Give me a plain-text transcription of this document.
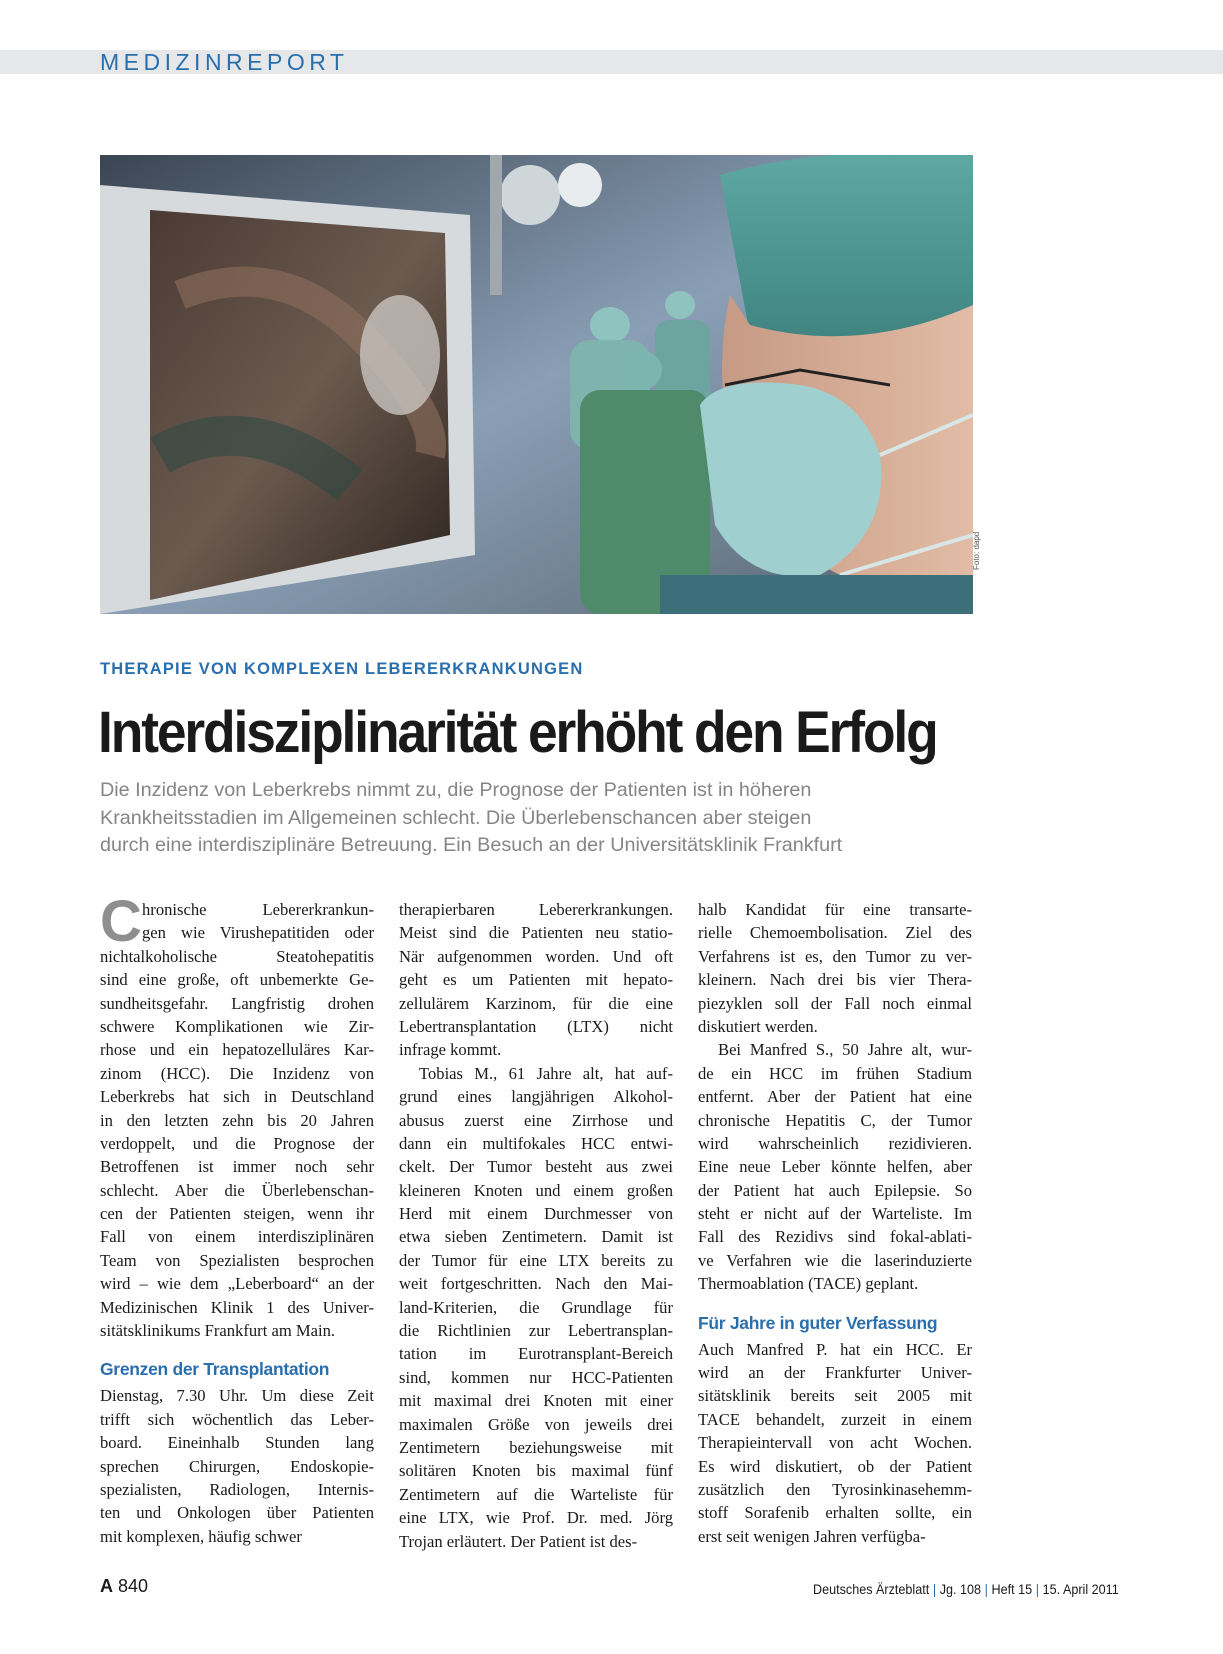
MEDIZINREPORT
Foto: dapd
THERAPIE VON KOMPLEXEN LEBERERKRANKUNGEN
Interdisziplinarität erhöht den Erfolg
Die Inzidenz von Leberkrebs nimmt zu, die Prognose der Patienten ist in höheren
Krankheitsstadien im Allgemeinen schlecht. Die Überlebenschancen aber steigen
durch eine interdisziplinäre Betreuung. Ein Besuch an der Universitätsklinik Frankfurt
C hronische Lebererkrankun-
gen wie Virushepatitiden oder
nichtalkoholische Steatohepatitis
sind eine große, oft unbemerkte Ge-
sundheitsgefahr. Langfristig drohen
schwere Komplikationen wie Zir-
rhose und ein hepatozelluläres Kar-
zinom (HCC). Die Inzidenz von
Leberkrebs hat sich in Deutschland
in den letzten zehn bis 20 Jahren
verdoppelt, und die Prognose der
Betroffenen ist immer noch sehr
schlecht. Aber die Überlebenschan-
cen der Patienten steigen, wenn ihr
Fall von einem interdisziplinären
Team von Spezialisten besprochen
wird – wie dem „Leberboard“ an der
Medizinischen Klinik 1 des Univer-
sitätsklinikums Frankfurt am Main.
Grenzen der Transplantation
Dienstag, 7.30 Uhr. Um diese Zeit
trifft sich wöchentlich das Leber-
board. Eineinhalb Stunden lang
sprechen Chirurgen, Endoskopie-
spezialisten, Radiologen, Internis-
ten und Onkologen über Patienten
mit komplexen, häufig schwer
therapierbaren Lebererkrankungen.
Meist sind die Patienten neu statio-
När aufgenommen worden. Und oft
geht es um Patienten mit hepato-
zellulärem Karzinom, für die eine
Lebertransplantation (LTX) nicht
infrage kommt.
Tobias M., 61 Jahre alt, hat auf-
grund eines langjährigen Alkohol-
abusus zuerst eine Zirrhose und
dann ein multifokales HCC entwi-
ckelt. Der Tumor besteht aus zwei
kleineren Knoten und einem großen
Herd mit einem Durchmesser von
etwa sieben Zentimetern. Damit ist
der Tumor für eine LTX bereits zu
weit fortgeschritten. Nach den Mai-
land-Kriterien, die Grundlage für
die Richtlinien zur Lebertransplan-
tation im Eurotransplant-Bereich
sind, kommen nur HCC-Patienten
mit maximal drei Knoten mit einer
maximalen Größe von jeweils drei
Zentimetern beziehungsweise mit
solitären Knoten bis maximal fünf
Zentimetern auf die Warteliste für
eine LTX, wie Prof. Dr. med. Jörg
Trojan erläutert. Der Patient ist des-
halb Kandidat für eine transarte-
rielle Chemoembolisation. Ziel des
Verfahrens ist es, den Tumor zu ver-
kleinern. Nach drei bis vier Thera-
piezyklen soll der Fall noch einmal
diskutiert werden.
Bei Manfred S., 50 Jahre alt, wur-
de ein HCC im frühen Stadium
entfernt. Aber der Patient hat eine
chronische Hepatitis C, der Tumor
wird wahrscheinlich rezidivieren.
Eine neue Leber könnte helfen, aber
der Patient hat auch Epilepsie. So
steht er nicht auf der Warteliste. Im
Fall des Rezidivs sind fokal-ablati-
ve Verfahren wie die laserinduzierte
Thermoablation (TACE) geplant.
Für Jahre in guter Verfassung
Auch Manfred P. hat ein HCC. Er
wird an der Frankfurter Univer-
sitätsklinik bereits seit 2005 mit
TACE behandelt, zurzeit in einem
Therapieintervall von acht Wochen.
Es wird diskutiert, ob der Patient
zusätzlich den Tyrosinkinasehemm-
stoff Sorafenib erhalten sollte, ein
erst seit wenigen Jahren verfügba-
A 840	Deutsches Ärzteblatt | Jg. 108 | Heft 15 | 15. April 2011
